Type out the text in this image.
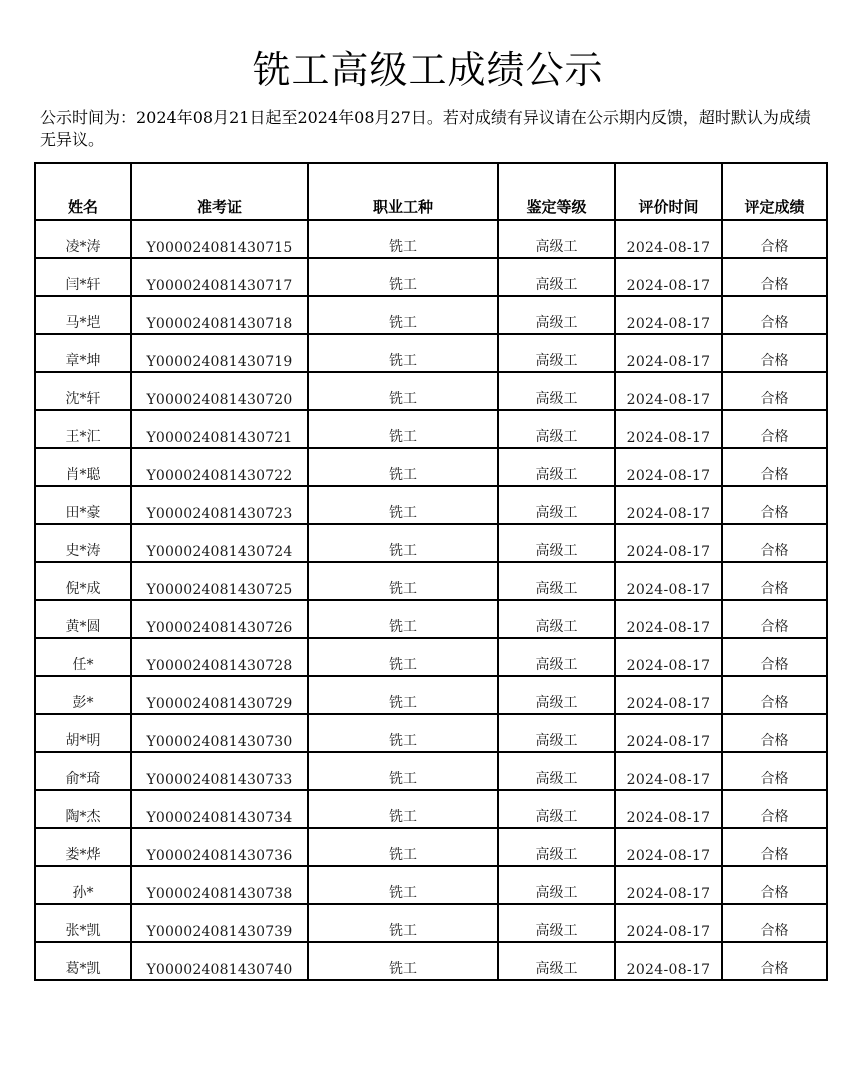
铣工高级工成绩公示

公示时间为：2024年08月21日起至2024年08月27日。若对成绩有异议请在公示期内反馈，超时默认为成绩无异议。

姓名	准考证	职业工种	鉴定等级	评价时间	评定成绩
凌*涛	Y000024081430715	铣工	高级工	2024-08-17	合格
闫*轩	Y000024081430717	铣工	高级工	2024-08-17	合格
马*垲	Y000024081430718	铣工	高级工	2024-08-17	合格
章*坤	Y000024081430719	铣工	高级工	2024-08-17	合格
沈*轩	Y000024081430720	铣工	高级工	2024-08-17	合格
王*汇	Y000024081430721	铣工	高级工	2024-08-17	合格
肖*聪	Y000024081430722	铣工	高级工	2024-08-17	合格
田*豪	Y000024081430723	铣工	高级工	2024-08-17	合格
史*涛	Y000024081430724	铣工	高级工	2024-08-17	合格
倪*成	Y000024081430725	铣工	高级工	2024-08-17	合格
黄*圆	Y000024081430726	铣工	高级工	2024-08-17	合格
任*	Y000024081430728	铣工	高级工	2024-08-17	合格
彭*	Y000024081430729	铣工	高级工	2024-08-17	合格
胡*明	Y000024081430730	铣工	高级工	2024-08-17	合格
俞*琦	Y000024081430733	铣工	高级工	2024-08-17	合格
陶*杰	Y000024081430734	铣工	高级工	2024-08-17	合格
娄*烨	Y000024081430736	铣工	高级工	2024-08-17	合格
孙*	Y000024081430738	铣工	高级工	2024-08-17	合格
张*凯	Y000024081430739	铣工	高级工	2024-08-17	合格
葛*凯	Y000024081430740	铣工	高级工	2024-08-17	合格
